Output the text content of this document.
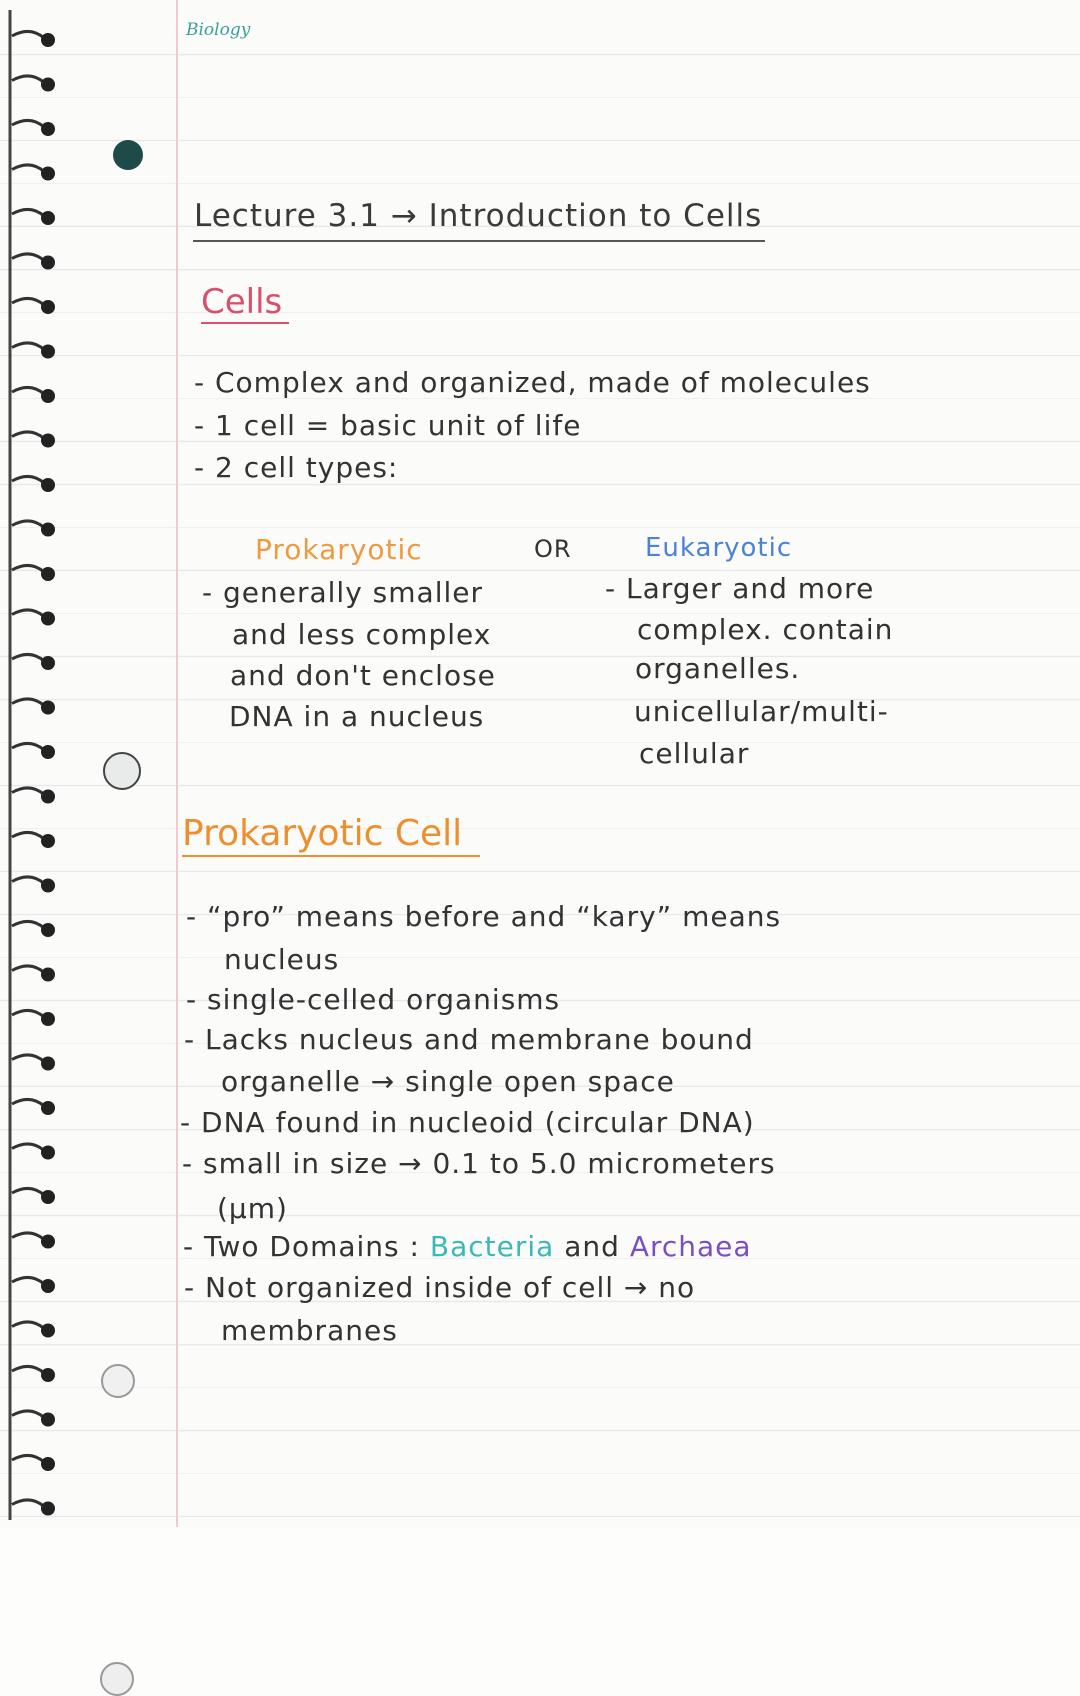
Biology
Lecture 3.1 → Introduction to Cells
Cells
- Complex and organized, made of molecules
- 1 cell = basic unit of life
- 2 cell types:
Prokaryotic	OR	Eukaryotic
- generally smaller
and less complex
and don't enclose
DNA in a nucleus
- Larger and more
complex. contain
organelles.
unicellular/multi-
cellular
Prokaryotic Cell
- “pro” means before and “kary” means
nucleus
- single-celled organisms
- Lacks nucleus and membrane bound
organelle → single open space
- DNA found in nucleoid (circular DNA)
- small in size → 0.1 to 5.0 micrometers
(μm)
- Two Domains : Bacteria and Archaea
- Not organized inside of cell → no
membranes
